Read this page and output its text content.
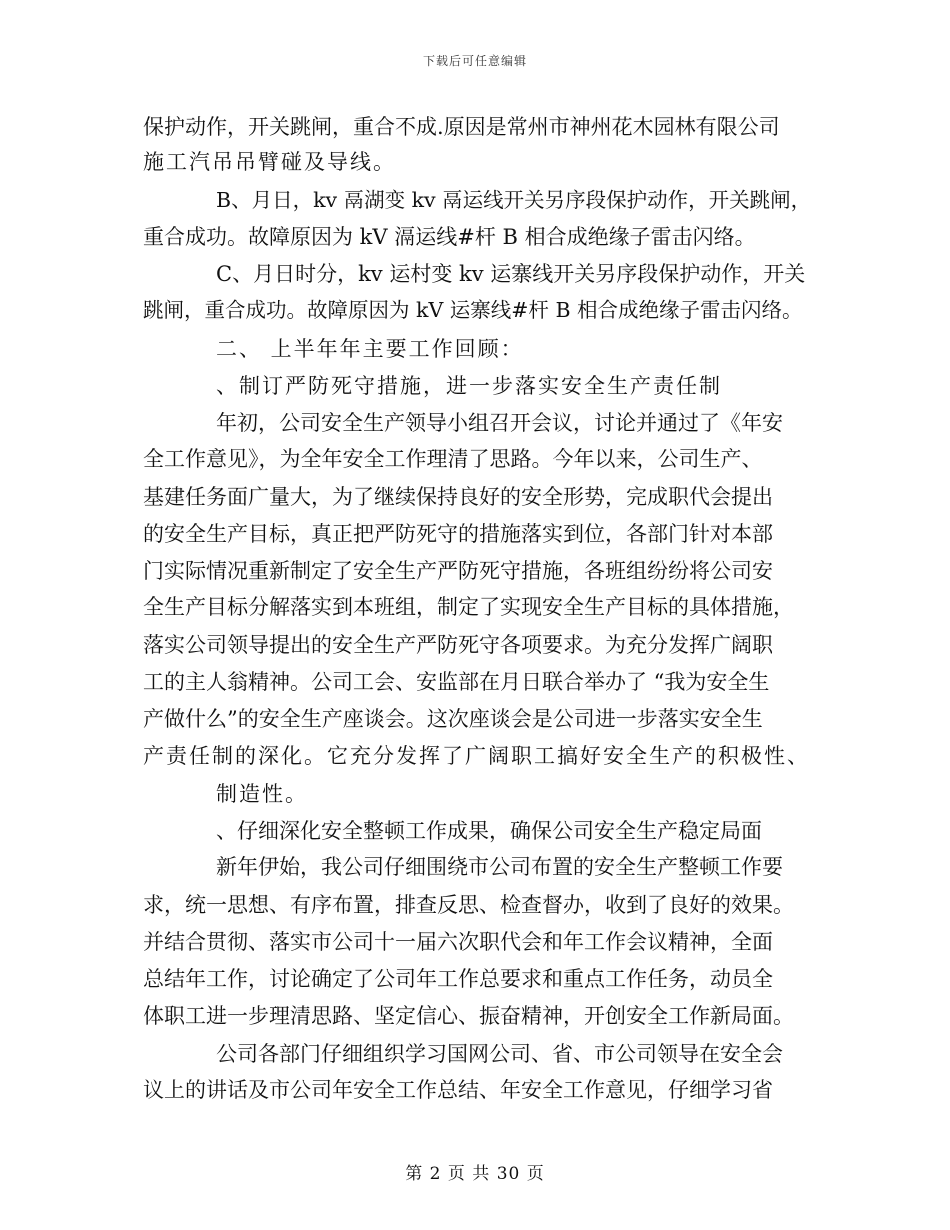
下载后可任意编辑
保护动作，开关跳闸，重合不成.原因是常州市神州花木园林有限公司
施工汽吊吊臂碰及导线。
B、月日，kv 鬲湖变 kv 鬲运线开关另序段保护动作，开关跳闸，
重合成功。故障原因为 kV 滆运线#杆 B 相合成绝缘子雷击闪络。
C、月日时分，kv 运村变 kv 运寨线开关另序段保护动作，开关
跳闸，重合成功。故障原因为 kV 运寨线#杆 B 相合成绝缘子雷击闪络。
二、 上半年年主要工作回顾：
、制订严防死守措施，进一步落实安全生产责任制
年初，公司安全生产领导小组召开会议，讨论并通过了《年安
全工作意见》，为全年安全工作理清了思路。今年以来，公司生产、
基建任务面广量大，为了继续保持良好的安全形势，完成职代会提出
的安全生产目标，真正把严防死守的措施落实到位，各部门针对本部
门实际情况重新制定了安全生产严防死守措施，各班组纷纷将公司安
全生产目标分解落实到本班组，制定了实现安全生产目标的具体措施，
落实公司领导提出的安全生产严防死守各项要求。为充分发挥广阔职
工的主人翁精神。公司工会、安监部在月日联合举办了 “我为安全生
产做什么”的安全生产座谈会。这次座谈会是公司进一步落实安全生
产责任制的深化。它充分发挥了广阔职工搞好安全生产的积极性、
制造性。
、仔细深化安全整顿工作成果，确保公司安全生产稳定局面
新年伊始，我公司仔细围绕市公司布置的安全生产整顿工作要
求，统一思想、有序布置，排查反思、检查督办，收到了良好的效果。
并结合贯彻、落实市公司十一届六次职代会和年工作会议精神，全面
总结年工作，讨论确定了公司年工作总要求和重点工作任务，动员全
体职工进一步理清思路、坚定信心、振奋精神，开创安全工作新局面。
公司各部门仔细组织学习国网公司、省、市公司领导在安全会
议上的讲话及市公司年安全工作总结、年安全工作意见，仔细学习省
第 2 页 共 30 页
